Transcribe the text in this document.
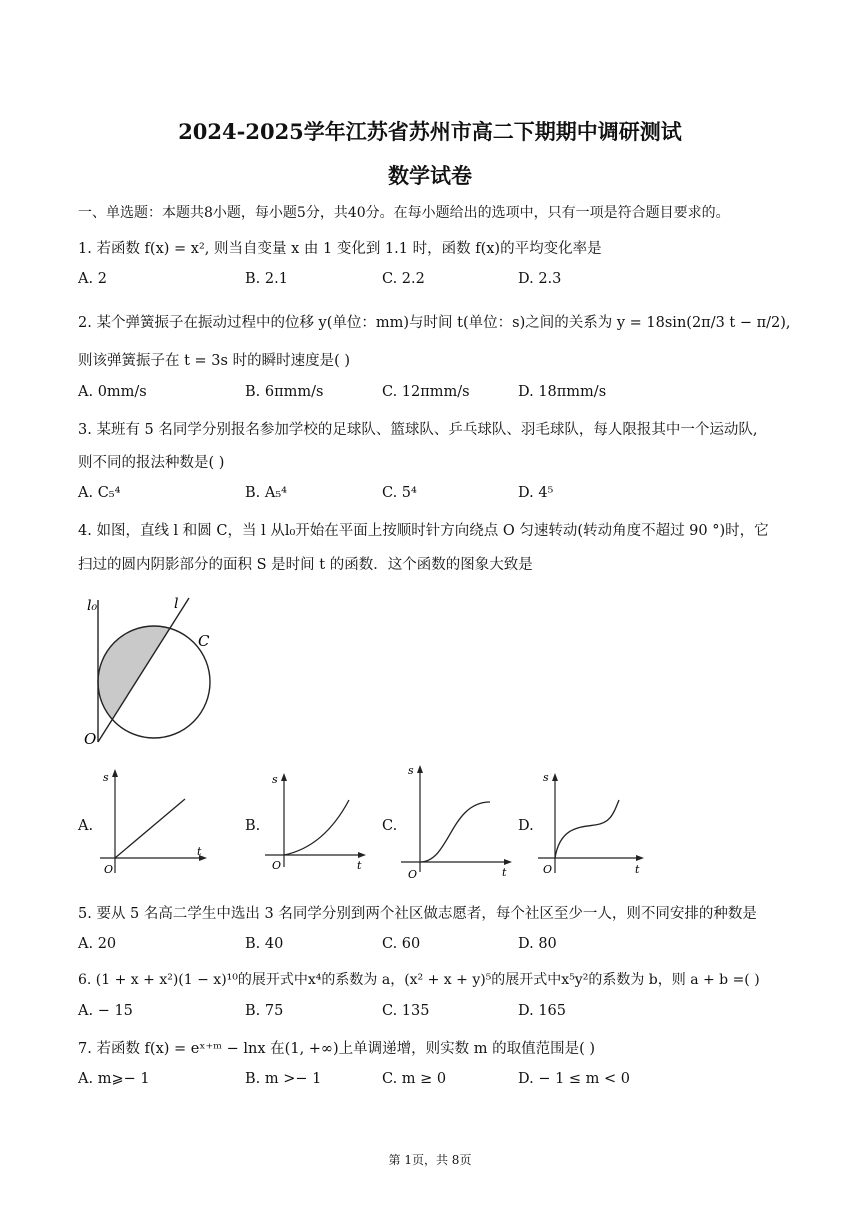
2024-2025学年江苏省苏州市高二下期期中调研测试
数学试卷
一、单选题：本题共8小题，每小题5分，共40分。在每小题给出的选项中，只有一项是符合题目要求的。
1. 若函数 f(x) = x², 则当自变量 x 由 1 变化到 1.1 时，函数 f(x)的平均变化率是
A. 2	B. 2.1	C. 2.2	D. 2.3
2. 某个弹簧振子在振动过程中的位移 y(单位：mm)与时间 t(单位：s)之间的关系为 y = 18sin(2π/3 t − π/2),
则该弹簧振子在 t = 3s 时的瞬时速度是( )
A. 0mm/s	B. 6πmm/s	C. 12πmm/s	D. 18πmm/s
3. 某班有 5 名同学分别报名参加学校的足球队、篮球队、乒乓球队、羽毛球队，每人限报其中一个运动队,
则不同的报法种数是( )
A. C₅⁴	B. A₅⁴	C. 5⁴	D. 4⁵
4. 如图，直线 l 和圆 C，当 l 从l₀开始在平面上按顺时针方向绕点 O 匀速转动(转动角度不超过 90 °)时，它
扫过的圆内阴影部分的面积 S 是时间 t 的函数．这个函数的图象大致是
l₀	l
C
O
A.
s
t
O
B.
s
t
O
C.
s
t
O
D.
s
t
O
5. 要从 5 名高二学生中选出 3 名同学分别到两个社区做志愿者，每个社区至少一人，则不同安排的种数是
A. 20	B. 40	C. 60	D. 80
6. (1 + x + x²)(1 − x)¹⁰的展开式中x⁴的系数为 a，(x² + x + y)⁵的展开式中x⁵y²的系数为 b，则 a + b =( )
A. − 15	B. 75	C. 135	D. 165
7. 若函数 f(x) = eˣ⁺ᵐ − lnx 在(1, +∞)上单调递增，则实数 m 的取值范围是( )
A. m⩾− 1	B. m >− 1	C. m ≥ 0	D. − 1 ≤ m < 0
第 1页，共 8页
